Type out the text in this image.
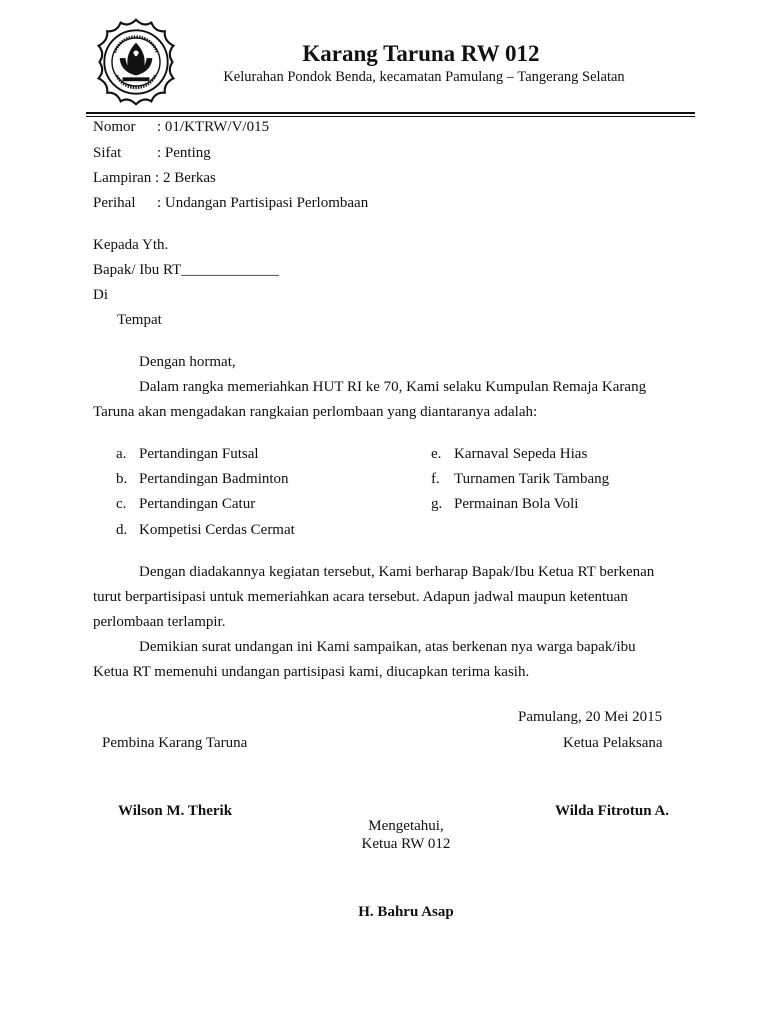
Karang Taruna RW 012
Kelurahan Pondok Benda, kecamatan Pamulang – Tangerang Selatan
Nomor : 01/KTRW/V/015
Sifat : Penting
Lampiran : 2 Berkas
Perihal : Undangan Partisipasi Perlombaan
Kepada Yth.
Bapak/ Ibu RT_____________
Di
Tempat
Dengan hormat,
Dalam rangka memeriahkan HUT RI ke 70, Kami selaku Kumpulan Remaja Karang
Taruna akan mengadakan rangkaian perlombaan yang diantaranya adalah:
a. Pertandingan Futsal
b. Pertandingan Badminton
c. Pertandingan Catur
d. Kompetisi Cerdas Cermat
e. Karnaval Sepeda Hias
f. Turnamen Tarik Tambang
g. Permainan Bola Voli
Dengan diadakannya kegiatan tersebut, Kami berharap Bapak/Ibu Ketua RT berkenan
turut berpartisipasi untuk memeriahkan acara tersebut. Adapun jadwal maupun ketentuan
perlombaan terlampir.
Demikian surat undangan ini Kami sampaikan, atas berkenan nya warga bapak/ibu
Ketua RT memenuhi undangan partisipasi kami, diucapkan terima kasih.
Pamulang, 20 Mei 2015
Pembina Karang Taruna	Ketua Pelaksana
Wilson M. Therik	Wilda Fitrotun A.
Mengetahui,
Ketua RW 012
H. Bahru Asap
